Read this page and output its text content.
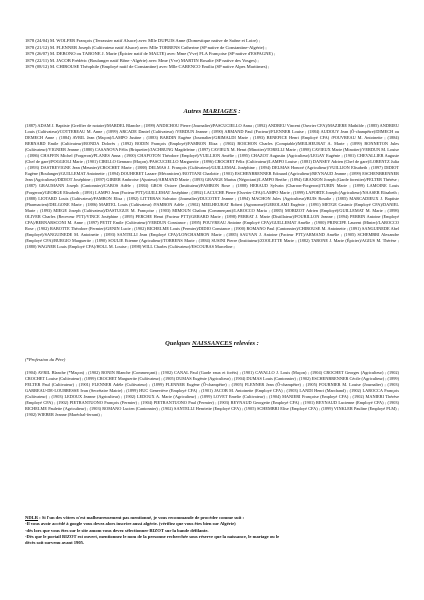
1878 (24/04) M. WOLFER François (Terrassier natif Alsace) avec Mlle DUPUIS Anne (Domestique native de Saône et Loire) ;
1878 (21/12) M. FLENNER Joseph (Cultivateur natif Alsace) avec Mlle TORRENS Catherine (SP native de Constantine-Algérie) ;
1879 (26/07) M. DEBONO ou TABONE J. Marie (Épicier natif de MALTE) avec Mme (Vve) FLA Françoise (SP native d'ESPAGNE) ;
1879 (22/11) M. JACOB Frédéric (Boulanger natif Bône -Algérie) avec Mme (Vve) MARTIN Rosalie (SP native des Vosges) ;
1879 (08/12) M. CHIROUSE Théophile (Employé natif de Constantine) avec Mlle CARENCO Emilia (SP native Alpes Maritimes) ;
Autres MARIAGES :
(1887) ADAM J. Baptiste (Greffier de notaire)/MARDEL Blanche ; (1899) ANDICHOU Pierre (Journalier)/PASCUCIELLO Anna ; (1892) ANDREU Vincent (Ouvrier CFA)/MAZIERE Mathilde ; (1885) ANDRIEU Louis (Cultivateur)/COTTEREAU M. Anne ; (1899) ARCADE Daniel (Cultivateur) /VERDUN Jeanne ; (1890) ARMAND Paul (Facteur)/FLENNER Louise ; (1884) AUDOUY Jean (Ô-champêtre)/DIMECH ou DEMECH Anne ; (1884) AVRIL Jean (Maçon)/LAMPO Justine ; (1883) BARDIN Eugène (Journalier)/GRIMALDI Marie ; (1893) BENEFICE Henri (Employé CFA) /POUVREAU M. Antoinette ; (1884) BERNARD Emile (Cultivateur)/RONDA Dolorès ; (1892) BODIN François (Employé)/FAMBON Eliza ; (1902) BOICHON Charles (Comptable)/MEILHEURAT A. Marie ; (1899) BONNETON Jules (Cultivateur)/VIGNIER Jeanne ; (1880) CASANOVA Félix (Briquetier)/JACHRUNG Magdeleine ; (1897) CAVIEUX M. Henri (Minotier)/TORELLI Marie ; (1898) CAVIEUX Marie (Minotier)/VERDUN M. Louise ; (1886) CHAFFIN Michel (Forgeron)/PLANES Anna ; (1900) CHAPOTON Théodore (Employé)/VUILLION Amélie ; (1895) CHAZOT Augustin (Agriculteur)/LEGAY Eugénie ; (1901) CHEVALLIER Auguste (Chef de gare)/POGGIOLI Marie ; (1901) CIRILLO Gennaro (Maçon) /PASCUCIELLO Marguerite ; (1896) CROCHET Félix (Cultivateur)/LAMPO Louise ; (1881) DANSEY Adrien (Chef de gare)/LORENTZ Julia ; (1893) DASTREVIGNE Jean (Meunier)/CROCHET Marie ; (1888) DELMAS J. François (Cultivateur)/GUILLEMAL Joséphine ; (1894) DELMAS Honoré (Agriculteur)/VUILLION Elisabeth ; (1897) DIDIOT Eugène (Boulanger)/GUILLEMAT Antoinette ; (1894) DOUHERET Lazare (Mécanicien) /BOTTANI Charlotte ; (1901) ESCHENBRENNER Edouard (Agriculteur)/REYNAUD Jeanne ; (1899) ESCHENBRENNER Jean (Agriculteur)/DIDIOT Joséphine ; (1897) GIBIER Ambroise (Ajusteur)/ARMAND Marie ; (1893) GRANGE Marius (Négociant)/LAMPO Berthe ; (1894) GRANJON Joseph (Garde forestier)/FELTER Thérèse ; (1887) GRAUMANN Joseph (Cantonnier)/CABOS Adèle ; (1884) GROS Octave (Instituteur)/FAMBON Rose ; (1888) HERAUD Sylvain (Charron-Forgeron)/TURIN Marie ; (1899) LAMOINE Louis (Forgeron)/GEORGE Elisabeth ; (1891) LAMPO Jean (Facteur PTT)/GUILLEMAT Joséphine ; (1892) LACUCHE Pierre (Ouvrier CFA)/LAMPO Marie ; (1899) LAPORTE Joseph (Agriculteur)/NAASER Elisabeth ; (1888) LIOTARD Louis (Cultivateur)/FAMBON Elisa ; (1892) LITTERAS Salvator (Journalier)/DUCOTET Jeanne ; (1894) MACHON Jules (Agriculteur)/BUIS Rosalie ; (1885) MARCADIEUX J. Baptiste (Pharmacien)/DELGONE Marie ; (1886) MARTEL Louis (Cultivateur) /FAMBON Adèle ; (1902) MEILHEURAT Robert (Agronome)/GEROLAMI Eugénie ; (1891) METGE Casimir (Employé CFA)/DANIEL Marie ; (1893) MIEGE Joseph (Cultivateur)/DASTUGUE M. Françoise ; (1903) MIMOUN Chalom (Commerçant)/LAROCCO Maria ; (1885) MORIZOT Adrien (Employé)/GUILLEMAT M. Marie ; (1898) OLIVER Charles (Receveur PTT)/VINCE Joséphine ; (1895) PERCHE Henri (Facteur PTT)/GERARD Marie ; (1898) PERRAT J. Marie (Distillateur)/FOURILLON Jeanne ; (1894) PERRIN Antoine (Employé CFA)/BERNARSCONI M. Anne ; (1897) PETIT Emile (Cultivateur)/VERDUN Constance ; (1895) POUVREAU Antoine (Employé CFA)/GUILLEMAT Amélie ; (1900) PRINCIPE Laurent (Minier)/LAROCCO Rose ; (1902) RABOTTE Théodore (Fermier)/GENIN Lucie ; (1902) RICHELME Louis (Fermier)/DIDIO Constance ; (1900) ROMANO Paul (Cantonnier)/CHIROUSE M. Antoinette ; (1891) SANGUINEDE Abel (Employé)/SANGUINEDE M. Antoinette ; (1893) SANTELLI Jean (Employé CFA)/LONCHAMBON Marie ; (1885) SAUVAN J. Antoine (Facteur PTT)/ARMAND Amélie ; (1905) SCHEMBRI Alexandre (Employé CFA)/BURGIO Marguerite ; (1890) SOULIE Etienne (Agriculteur)/TORRENS Marie ; (1884) SUSINI Pierre (Instituteur)/ZOOLETTE Marie ; (1882) TABONE J. Marie (Épicier)/AGIUS M. Thérèse ; (1880) WAGNER Louis (Employé CFA)/HOLL M. Louise ; (1898) WILL Charles (Cultivateur)/ESCOUBAS Marceline ;
Quelques NAISSANCES relevées :
(*Profession du Père)
(1904) AVRIL Blanche (*Maçon) ; (1902) BONIN Blanche (Commerçant) ; (1902) CANAL Paul (Garde eaux et forêts) ; (1901) CAVALLO J. Louis (Maçon) ; (1904) CROCHET Georges (Agriculteur) ; (1902) CROCHET Louise (Cultivateur) ; (1899) CROCHET Marguerite (Cultivateur) ; (1905) DUMAS Eugénie (Agriculteur) ; (1904) DUMAS Louis (Cantonnier) ; (1902) ESCHENBRENNER Cécile (Agriculteur) ; (1899) FELTER Paul (Cultivateur) ; (1901) FLENNER Adèle (Cultivateur) ; (1899) FLENNER Eugène (Ô-champêtre) ; (1905) FLENNER Jean (Ô-champêtre) ; (1905) FOURNIER M. Louise (Journalier) ; (1903) GARREAU-DE-LOUBRESSE Ivan (Secrétaire Mairie) ; (1899) HUC Geneviève (Employé CFA) ; (1901) JACOB M. Antoinette (Employé CFA) ; (1903) LANDI Henri (Marchand) ; (1902) LAROCCA François (Cultivateur) ; (1903) LEDOUX Jeanne (Agriculteur) ; (1902) LEDOUX A. Marie (Agriculteur) ; (1899) LOVET Emelie (Cultivateur) ; (1904) MANIERI Françoise (Employé CFA) ; (1902) MANIERI Thérèse (Employé CFA) ; (1902) PIETRANTUONO François (Fermier) ; (1904) PIETRANTUONO Paul (Fermier) ; (1903) REYNAUD Georgette (Employé CFA) ; (1901) REYNAUD Lucienne (Employé CFA) ; (1903) RICHELME Paulette (Agriculteur) ; (1903) ROMANO Lucien (Cantonnier) ; (1902) SANTELLI Henriette (Employé CFA) ; (1905) SCHEMBRI Elise (Employé CFA) ; (1899) VINKLER Pauline (Employé PLM) ; (1902) WIEBER Jeanne (Maréchal-ferrant) ;
NDLR : Si l'un des vôtres n'est malheureusement pas mentionné, je vous recommande de procéder comme suit :
-Il vous avoir accédé à google vous devez alors inscrire aussi algérie. (vérifiez que vous êtes bien sur Algérie)
-dès lors que vous êtes sur le site amom vous devez sélectionner BIZOT sur la bande défilante.
-Dès que le portail BIZOT est ouvert, mentionnez le nom de la personne recherchée sous réserve que la naissance, le mariage ou le
décès soit survenu avant 1905.
